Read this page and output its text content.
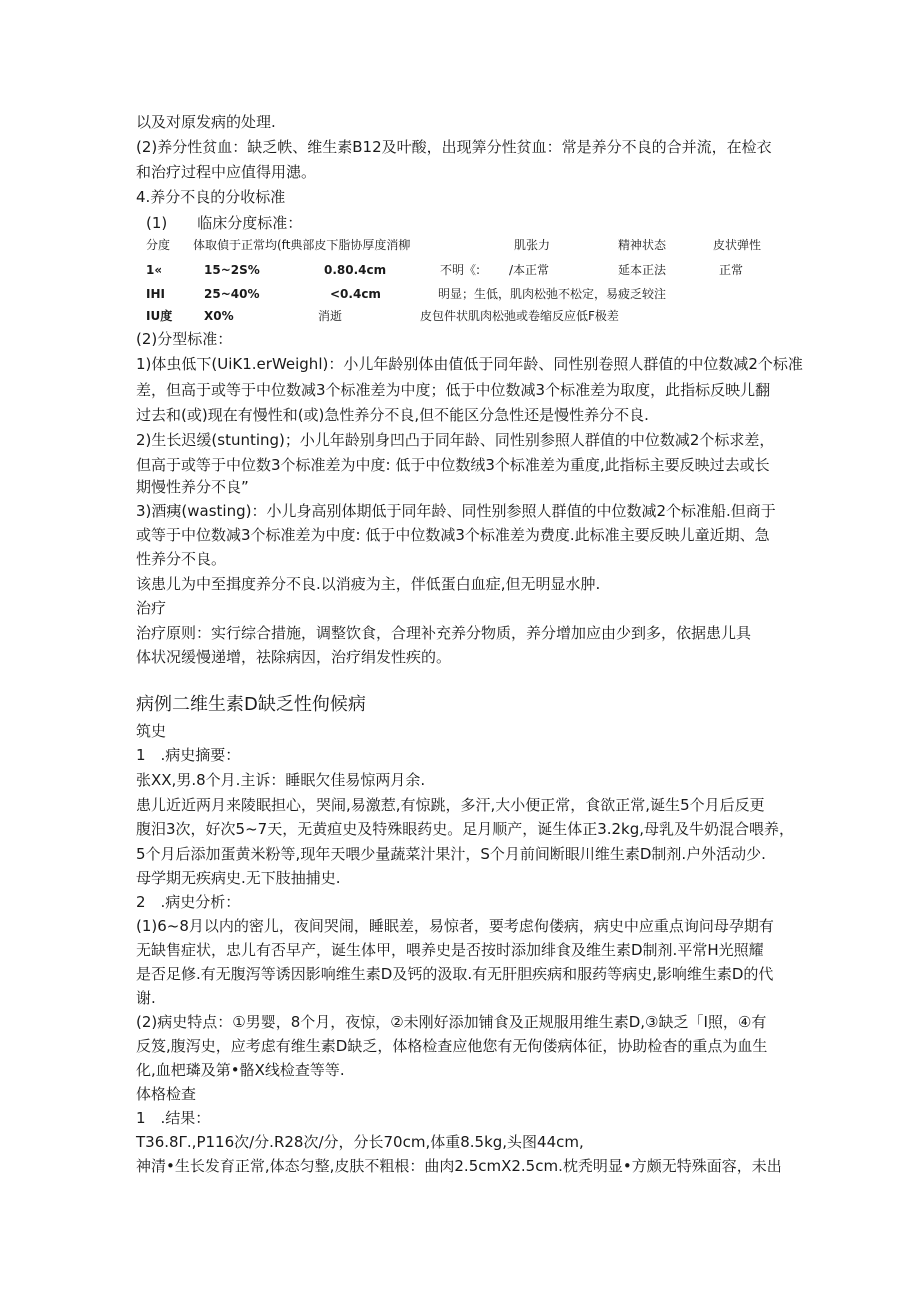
以及对原发病的处理.
(2)养分性贫血：缺乏帙、维生素B12及叶酸，出现筭分性贫血：常是养分不良的合并流，在检衣
和治疗过程中应值得用漶。
4.养分不良的分收标准
(1)　　临床分度标准：
分度 体取偵于正常均(ft典部皮下脂协厚度消柳	肌张力	精神状态	皮状弹性
1«	15~2S%	0.80.4cm	不明《: /本正常	延本正法	正常
IHI	25~40%	<0.4cm	明显；生低，肌肉松弛不松定，易疲乏较注
IU度	X0%	消逝	皮包件状肌肉松弛或卷缩反应低F极差
(2)分型标准：
1)体虫低下(UiK1.erWeighl)：小儿年龄别体由值低于同年龄、同性别卷照人群值的中位数减2个标准
差，但高于或等于中位数减3个标准差为中度；低于中位数减3个标准差为取度，此指标反映儿翻
过去和(或)现在有慢性和(或)急性养分不良,但不能区分急性还是慢性养分不良.
2)生长迟缓(stunting)；小儿年龄别身凹凸于同年龄、同性别参照人群值的中位数减2个标求差，
但高于或等于中位数3个标准差为中度: 低于中位数绒3个标准差为重度,此指标主要反映过去或长
期慢性养分不良”
3)酒痍(wasting)：小儿身高别体期低于同年龄、同性别参照人群值的中位数减2个标准船.但商于
或等于中位数减3个标准差为中度: 低于中位数减3个标准差为费度.此标准主要反映儿童近期、急
性养分不良。
该患儿为中至揖度养分不良.以消疲为主，伴低蛋白血症,但无明显水肿.
治疗
治疗原则：实行综合措施，调整饮食，合理补充养分物质，养分增加应由少到多，依据患儿具
体状况缓慢递增，祛除病因，治疗绢发性疾的。
病例二维生素D缺乏性佝候病
筑史
1　.病史摘要：
张XX,男.8个月.主诉：睡眠欠佳易惊两月余.
患儿近近两月来陵眠担心，哭闹,易激惹,有惊跳，多汗,大小便正常，食欲正常,诞生5个月后反更
腹汨3次，好次5~7天，无黄疸史及特殊眼药史。足月顺产，诞生体正3.2kg,母乳及牛奶混合喂养，
5个月后添加蛋黄米粉等,现年天喂少量蔬菜汁果汁，S个月前间断眼川维生素D制剂.户外活动少.
母学期无疾病史.无下肢抽捕史.
2　.病史分析：
(1)6~8月以内的密儿，夜间哭闹，睡眠差，易惊者，要考虑佝偻病，病史中应重点询问母孕期有
无缺售症状，忠儿有否早产，诞生体甲，喂养史是否按时添加绯食及维生素D制剂.平常H光照耀
是否足修.有无腹泻等诱因影响维生素D及钙的汲取.有无肝胆疾病和服药等病史,影响维生素D的代
谢.
(2)病史特点：①男婴，8个月，夜惊，②未刚好添加铺食及正规服用维生素D,③缺乏「I照，④有
反笈,腹泻史，应考虑有维生素D缺乏，体格检查应他您有无佝偻病体征，协助检杳的重点为血生
化,血杷璘及第•骼X线检查等等.
体格检查
1　.结果：
T36.8Γ.,P116次/分.R28次/分，分长70cm,体重8.5kg,头图44cm,
神清•生长发育正常,体态匀整,皮肤不粗根：曲肉2.5cmX2.5cm.枕秃明显•方颇无特殊面容，未出
